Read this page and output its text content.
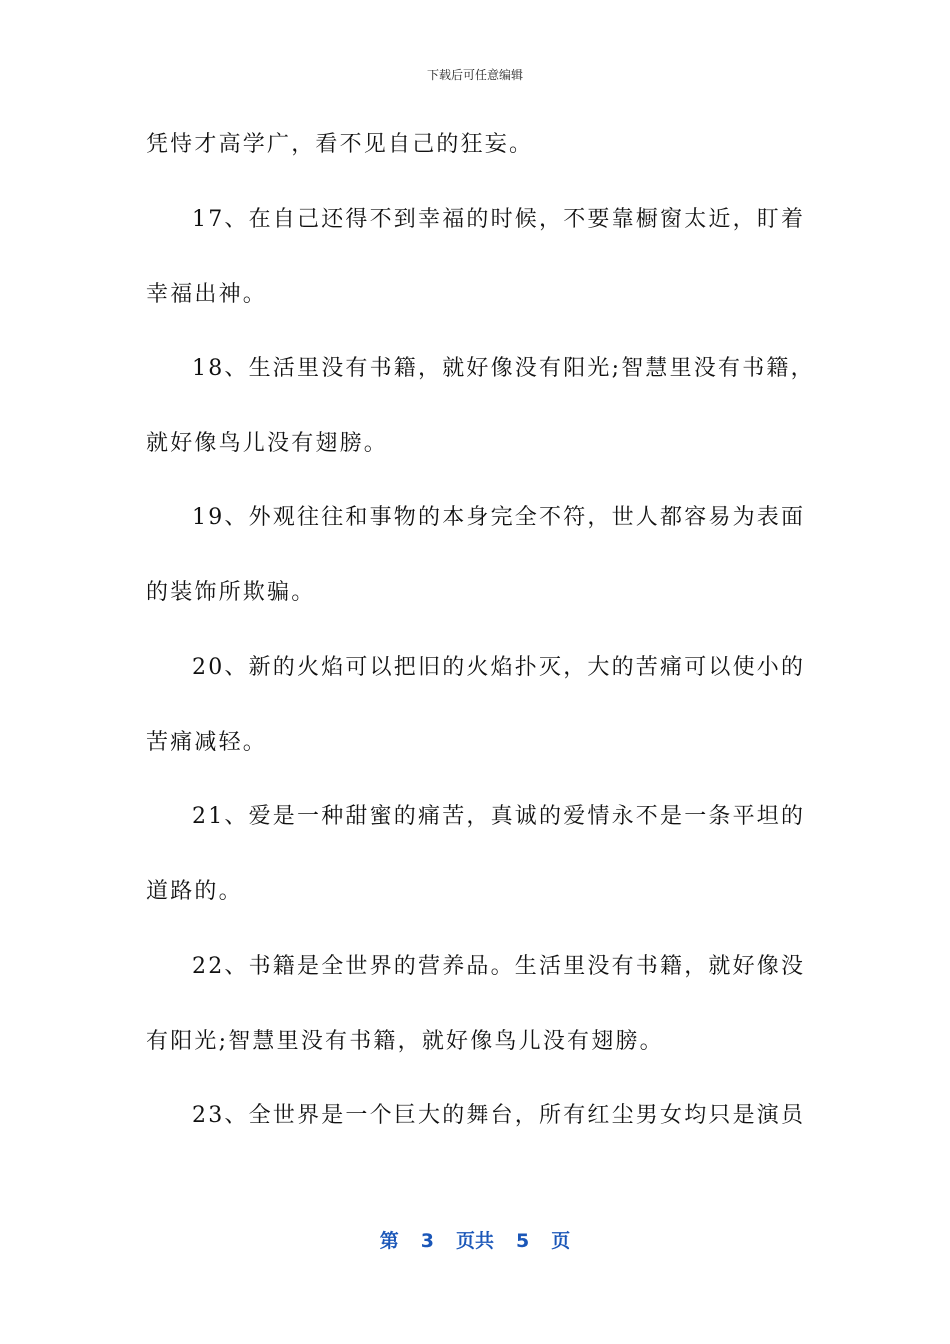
下载后可任意编辑
凭恃才高学广，看不见自己的狂妄。
17、在自己还得不到幸福的时候，不要靠橱窗太近，盯着
幸福出神。
18、生活里没有书籍，就好像没有阳光;智慧里没有书籍，
就好像鸟儿没有翅膀。
19、外观往往和事物的本身完全不符，世人都容易为表面
的装饰所欺骗。
20、新的火焰可以把旧的火焰扑灭，大的苦痛可以使小的
苦痛减轻。
21、爱是一种甜蜜的痛苦，真诚的爱情永不是一条平坦的
道路的。
22、书籍是全世界的营养品。生活里没有书籍，就好像没
有阳光;智慧里没有书籍，就好像鸟儿没有翅膀。
23、全世界是一个巨大的舞台，所有红尘男女均只是演员
第 3 页共 5 页
